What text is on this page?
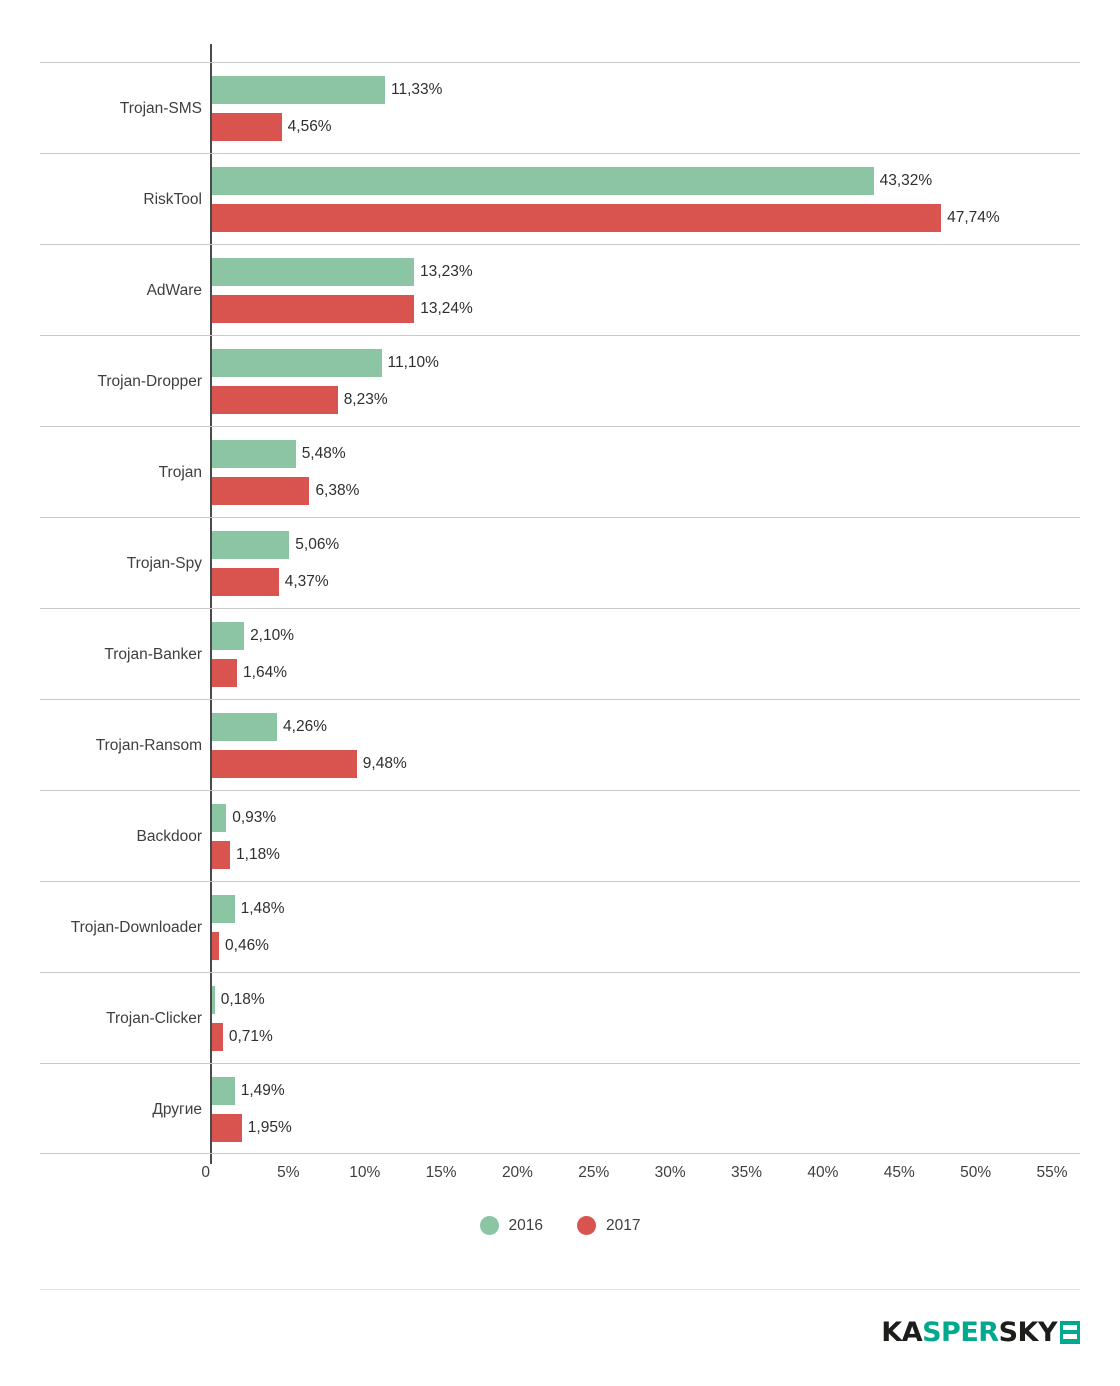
Trojan-SMS
11,33%
4,56%
RiskTool
43,32%
47,74%
AdWare
13,23%
13,24%
Trojan-Dropper
11,10%
8,23%
Trojan
5,48%
6,38%
Trojan-Spy
5,06%
4,37%
Trojan-Banker
2,10%
1,64%
Trojan-Ransom
4,26%
9,48%
Backdoor
0,93%
1,18%
Trojan-Downloader
1,48%
0,46%
Trojan-Clicker
0,18%
0,71%
Другие
1,49%
1,95%
0	5%	10%	15%	20%	25%	30%	35%	40%	45%	50%	55%
2016	2017
KASPERSKY
